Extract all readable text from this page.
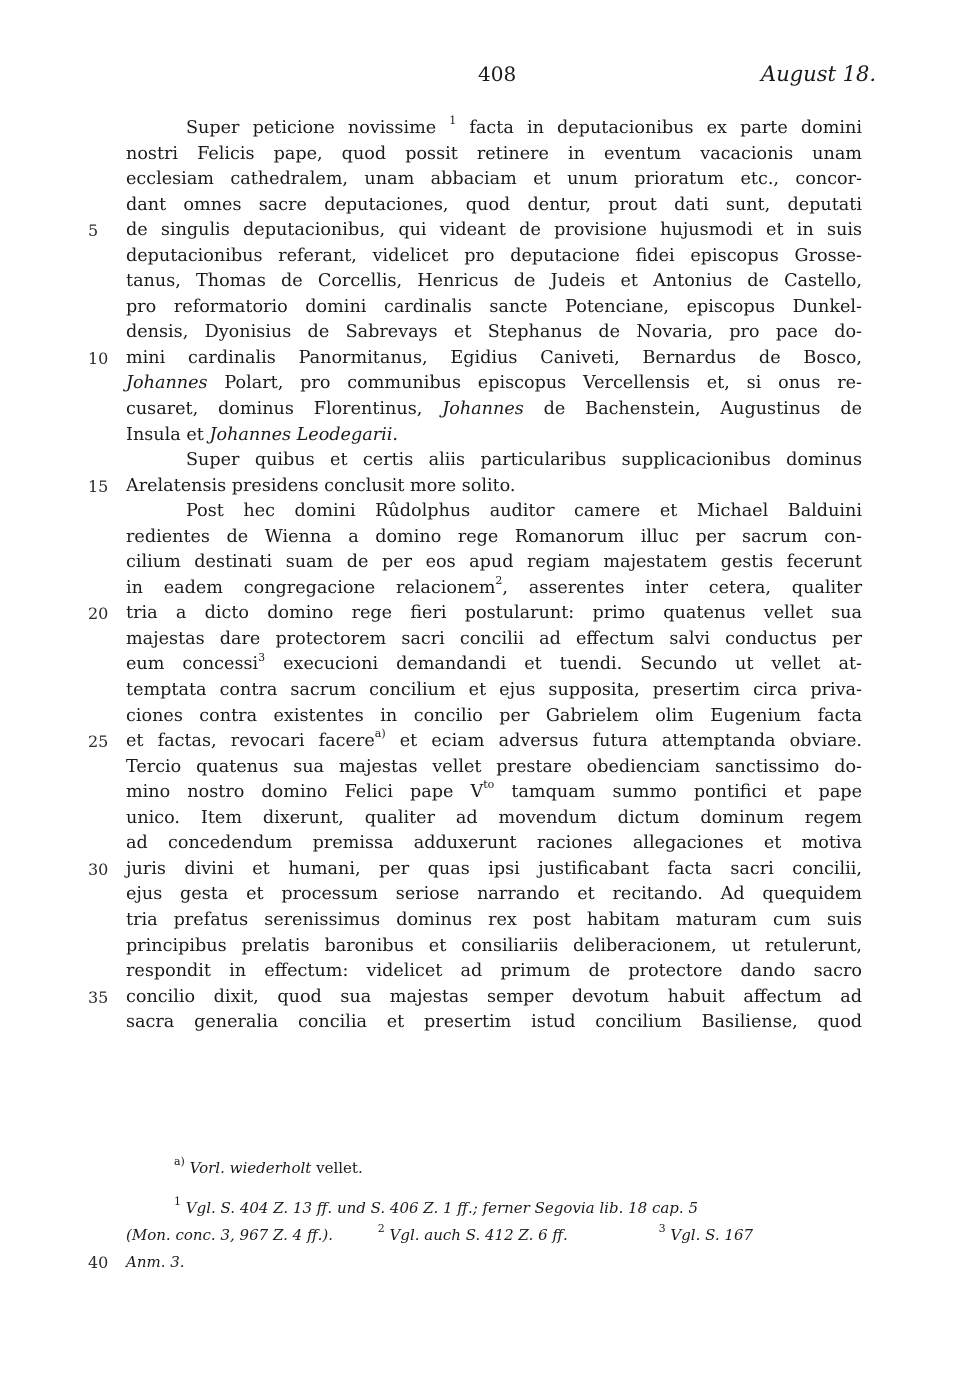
408	August 18.
Super peticione novissime $^1$ facta in deputacionibus ex parte domini
nostri Felicis pape, quod possit retinere in eventum vacacionis unam
ecclesiam cathedralem, unam abbaciam et unum prioratum etc., concor-
dant omnes sacre deputaciones, quod dentur, prout dati sunt, deputati
5	de singulis deputacionibus, qui videant de provisione hujusmodi et in suis
deputacionibus referant, videlicet pro deputacione fidei episcopus Grosse-
tanus, Thomas de Corcellis, Henricus de Judeis et Antonius de Castello,
pro reformatorio domini cardinalis sancte Potenciane, episcopus Dunkel-
densis, Dyonisius de Sabrevays et Stephanus de Novaria, pro pace do-
10	mini cardinalis Panormitanus, Egidius Caniveti, Bernardus de Bosco,
Johannes Polart, pro communibus episcopus Vercellensis et, si onus re-
cusaret, dominus Florentinus, Johannes de Bachenstein, Augustinus de
Insula et Johannes Leodegarii.
Super quibus et certis aliis particularibus supplicacionibus dominus
15	Arelatensis presidens conclusit more solito.
Post hec domini Rûdolphus auditor camere et Michael Balduini
redientes de Wienna a domino rege Romanorum illuc per sacrum con-
cilium destinati suam de per eos apud regiam majestatem gestis fecerunt
in eadem congregacione relacionem$^2$, asserentes inter cetera, qualiter
20	tria a dicto domino rege fieri postularunt: primo quatenus vellet sua
majestas dare protectorem sacri concilii ad effectum salvi conductus per
eum concessi$^3$ execucioni demandandi et tuendi. Secundo ut vellet at-
temptata contra sacrum concilium et ejus supposita, presertim circa priva-
ciones contra existentes in concilio per Gabrielem olim Eugenium facta
25	et factas, revocari facere$^{a)}$ et eciam adversus futura attemptanda obviare.
Tercio quatenus sua majestas vellet prestare obedienciam sanctissimo do-
mino nostro domino Felici pape $V^{to}$ tamquam summo pontifici et pape
unico. Item dixerunt, qualiter ad movendum dictum dominum regem
ad concedendum premissa adduxerunt raciones allegaciones et motiva
30	juris divini et humani, per quas ipsi justificabant facta sacri concilii,
ejus gesta et processum seriose narrando et recitando. Ad quequidem
tria prefatus serenissimus dominus rex post habitam maturam cum suis
principibus prelatis baronibus et consiliariis deliberacionem, ut retulerunt,
respondit in effectum: videlicet ad primum de protectore dando sacro
35	concilio dixit, quod sua majestas semper devotum habuit affectum ad
sacra generalia concilia et presertim istud concilium Basiliense, quod
$^{a)}$ Vorl. wiederholt vellet.
$^1$ Vgl. S. 404 Z. 13 ff. und S. 406 Z. 1 ff.; ferner Segovia lib. 18 cap. 5
(Mon. conc. 3, 967 Z. 4 ff.).	$^2$ Vgl. auch S. 412 Z. 6 ff.	$^3$ Vgl. S. 167
40	Anm. 3.
